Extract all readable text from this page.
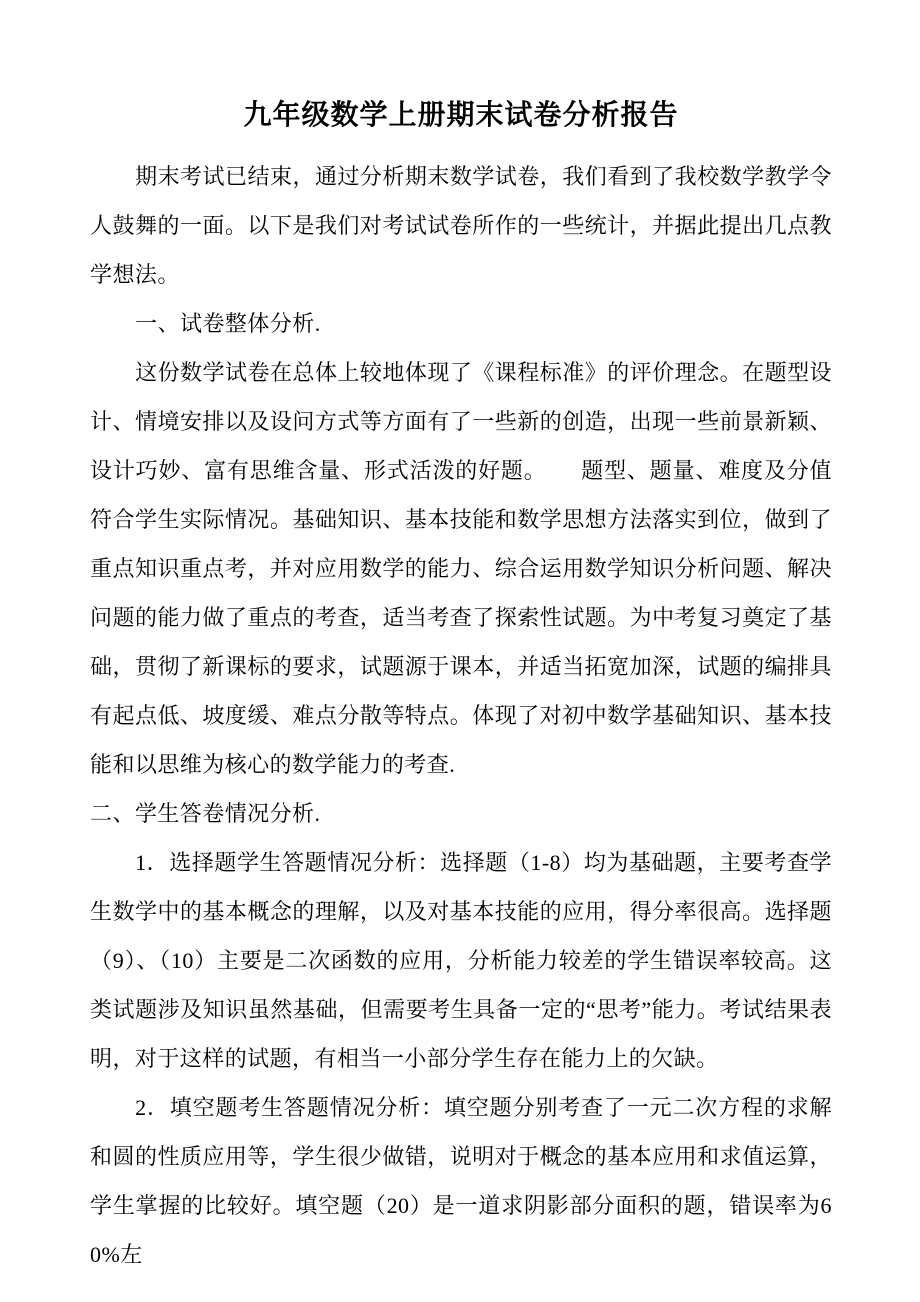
九年级数学上册期末试卷分析报告

期末考试已结束，通过分析期末数学试卷，我们看到了我校数学教学令人鼓舞的一面。以下是我们对考试试卷所作的一些统计，并据此提出几点教学想法。

一、试卷整体分析.

这份数学试卷在总体上较地体现了《课程标准》的评价理念。在题型设计、情境安排以及设问方式等方面有了一些新的创造，出现一些前景新颖、设计巧妙、富有思维含量、形式活泼的好题。　　题型、题量、难度及分值符合学生实际情况。基础知识、基本技能和数学思想方法落实到位，做到了重点知识重点考，并对应用数学的能力、综合运用数学知识分析问题、解决问题的能力做了重点的考查，适当考查了探索性试题。为中考复习奠定了基础，贯彻了新课标的要求，试题源于课本，并适当拓宽加深，试题的编排具有起点低、坡度缓、难点分散等特点。体现了对初中数学基础知识、基本技能和以思维为核心的数学能力的考查.

二、学生答卷情况分析.

1．选择题学生答题情况分析：选择题（1-8）均为基础题，主要考查学生数学中的基本概念的理解，以及对基本技能的应用，得分率很高。选择题（9）、（10）主要是二次函数的应用，分析能力较差的学生错误率较高。这类试题涉及知识虽然基础，但需要考生具备一定的“思考”能力。考试结果表明，对于这样的试题，有相当一小部分学生存在能力上的欠缺。

2．填空题考生答题情况分析：填空题分别考查了一元二次方程的求解和圆的性质应用等，学生很少做错，说明对于概念的基本应用和求值运算，学生掌握的比较好。填空题（20）是一道求阴影部分面积的题，错误率为60%左
